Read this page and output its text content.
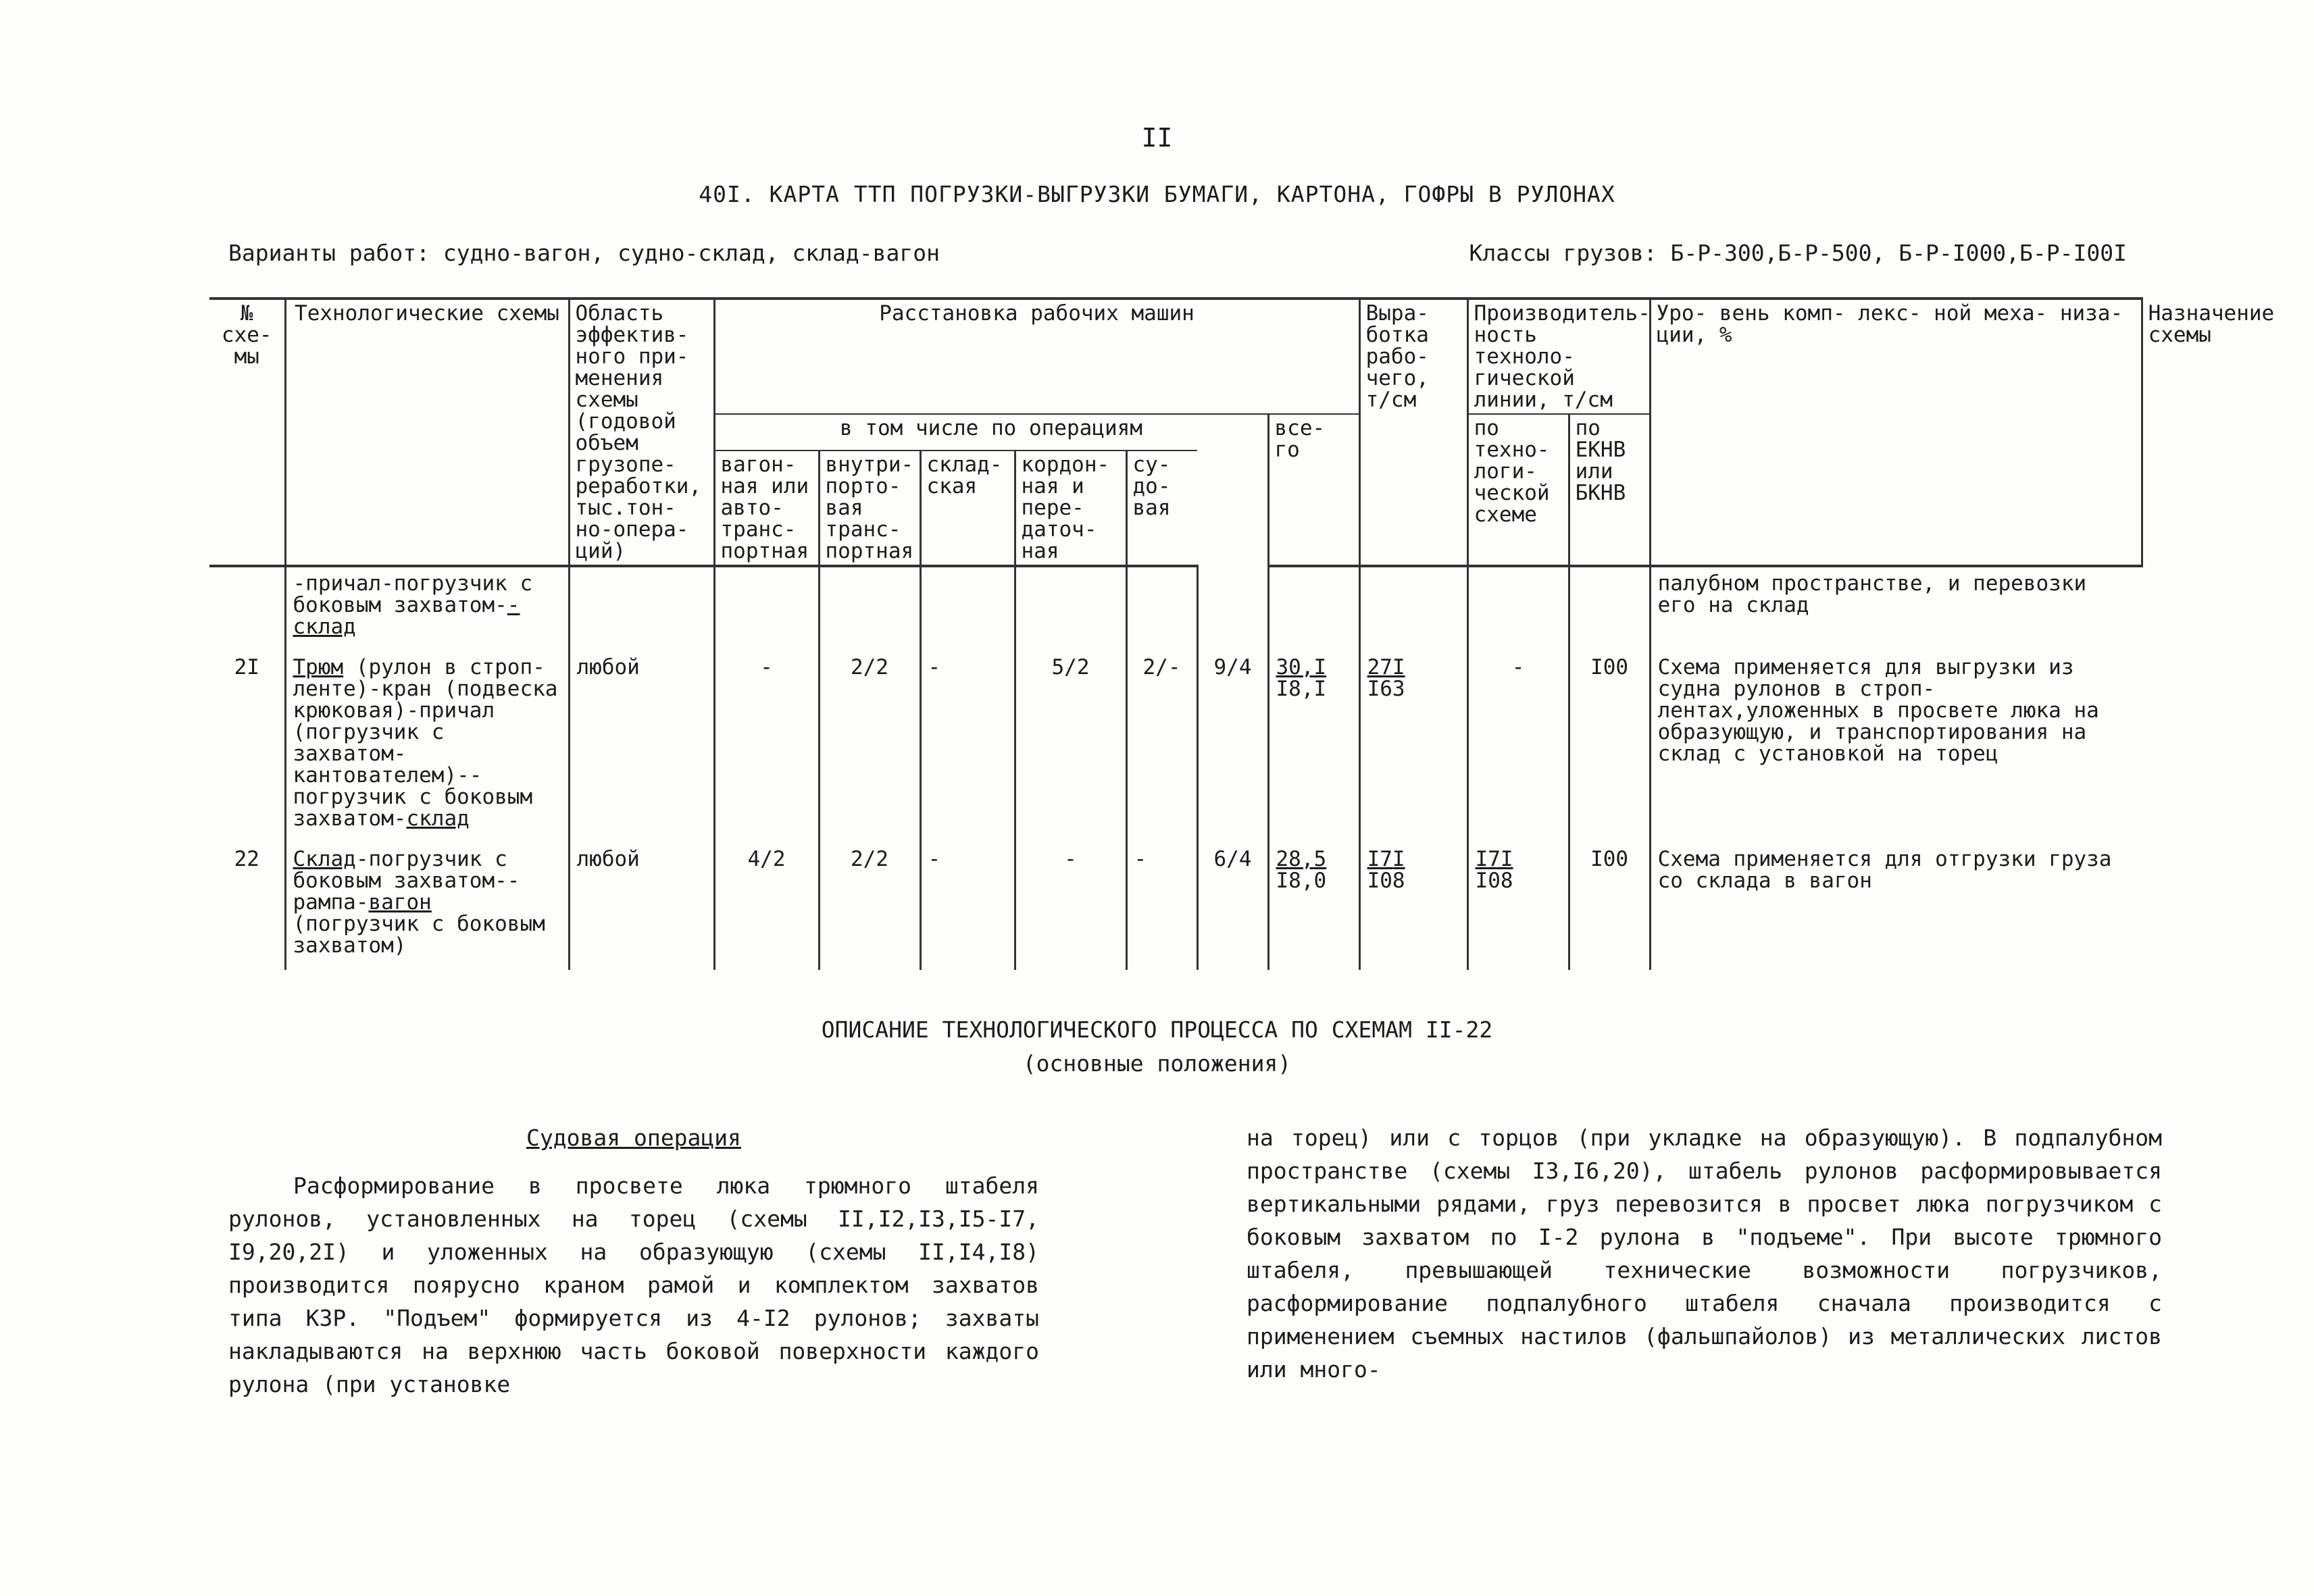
II
40I. КАРТА ТТП ПОГРУЗКИ-ВЫГРУЗКИ БУМАГИ, КАРТОНА, ГОФРЫ В РУЛОНАХ
Варианты работ: судно-вагон, судно-склад, склад-вагон	Классы грузов: Б-Р-300,Б-Р-500, Б-Р-I000,Б-Р-I00I
№ схе- мы	Технологические схемы	Область эффектив- ного при- менения схемы (годовой объем грузопе- реработки, тыс.тон- но-опера- ций)	Расстановка рабочих машин							Выра- ботка рабо- чего, т/см	Производитель- ность техноло- гической линии, т/см		Уро- вень комп- лекс- ной меха- низа- ции, %	Назначение схемы
			в том числе по операциям						все- го		по техно- логи- ческой схеме	по ЕКНВ или БКНВ		
			вагон- ная или авто- транс- портная	внутри- порто- вая транс- портная	склад- ская	кордон- ная и пере- даточ- ная	су- до- вая							
	-причал-погрузчик с боковым захватом--склад												палубном пространстве, и перевозки его на склад	
2I	Трюм (рулон в строп-ленте)-кран (подвеска крюковая)-причал (погрузчик с захватом-кантователем)--погрузчик с боковым захватом-склад	любой	-	2/2	-	5/2	2/-	9/4	$\frac{30,I}{I8,I}$	$\frac{27I}{I63}$	-	I00	Схема применяется для выгрузки из судна рулонов в строп-лентах,уложенных в просвете люка на образующую, и транспортирования на склад с установкой на торец	
22	Склад-погрузчик с боковым захватом--рампа-вагон (погрузчик с боковым захватом)	любой	4/2	2/2	-	-	-	6/4	$\frac{28,5}{I8,0}$	$\frac{I7I}{I08}$	$\frac{I7I}{I08}$	I00	Схема применяется для отгрузки груза со склада в вагон	
ОПИСАНИЕ ТЕХНОЛОГИЧЕСКОГО ПРОЦЕССА ПО СХЕМАМ II-22
(основные положения)
Судовая операция
Расформирование в просвете люка трюмного штабеля рулонов, установленных на торец (схемы II,I2,I3,I5-I7, I9,20,2I) и уложенных на образующую (схемы II,I4,I8) производится поярусно краном рамой и комплектом захватов типа КЗР. "Подъем" формируется из 4-I2 рулонов; захваты накладываются на верхнюю часть боковой поверхности каждого рулона (при установке
на торец) или с торцов (при укладке на образующую). В подпалубном пространстве (схемы I3,I6,20), штабель рулонов расформировывается вертикальными рядами, груз перевозится в просвет люка погрузчиком с боковым захватом по I-2 рулона в "подъеме". При высоте трюмного штабеля, превышающей технические возможности погрузчиков, расформирование подпалубного штабеля сначала производится с применением съемных настилов (фальшпайолов) из металлических листов или много-
